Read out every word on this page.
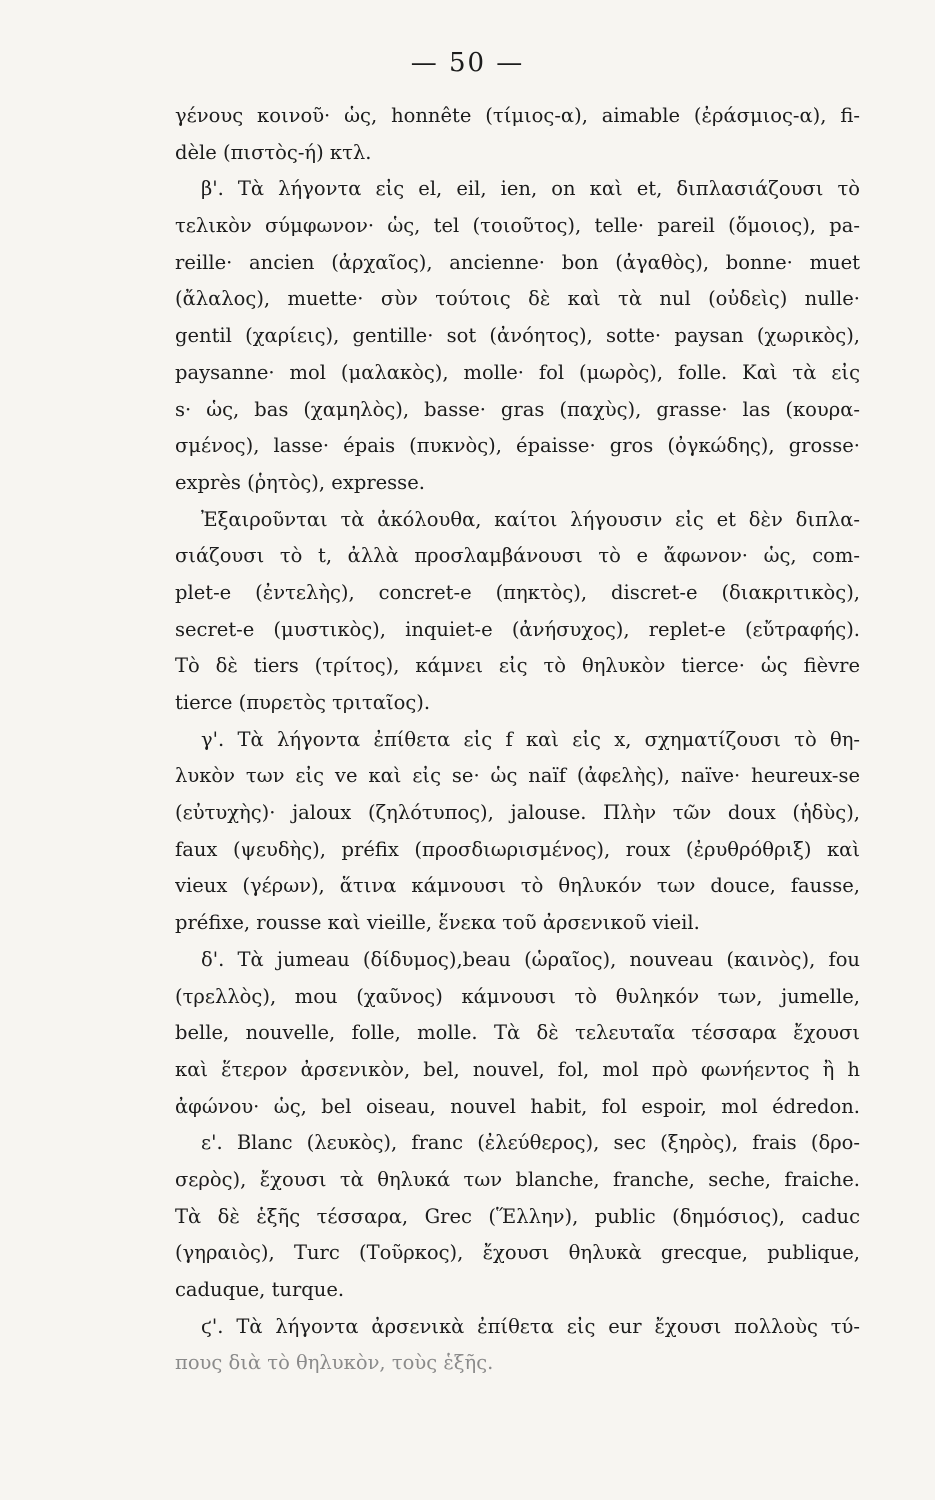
— 50 —
γένους κοινοῦ· ὡς, honnête (τίμιος-α), aimable (ἐράσμιος-α), fi-
dèle (πιστὸς-ή) κτλ.
β'. Τὰ λήγοντα εἰς el, eil, ien, on καὶ et, διπλασιάζουσι τὸ
τελικὸν σύμφωνον· ὡς, tel (τοιοῦτος), telle· pareil (ὅμοιος), pa-
reille· ancien (ἀρχαῖος), ancienne· bon (ἀγαθὸς), bonne· muet
(ἄλαλος), muette· σὺν τούτοις δὲ καὶ τὰ nul (οὐδεὶς) nulle·
gentil (χαρίεις), gentille· sot (ἀνόητος), sotte· paysan (χωρικὸς),
paysanne· mol (μαλακὸς), molle· fol (μωρὸς), folle. Καὶ τὰ εἰς
s· ὡς, bas (χαμηλὸς), basse· gras (παχὺς), grasse· las (κουρα-
σμένος), lasse· épais (πυκνὸς), épaisse· gros (ὀγκώδης), grosse·
exprès (ῥητὸς), expresse.
Ἐξαιροῦνται τὰ ἀκόλουθα, καίτοι λήγουσιν εἰς et δὲν διπλα-
σιάζουσι τὸ t, ἀλλὰ προσλαμβάνουσι τὸ e ἄφωνον· ὡς, com-
plet-e (ἐντελὴς), concret-e (πηκτὸς), discret-e (διακριτικὸς),
secret-e (μυστικὸς), inquiet-e (ἀνήσυχος), replet-e (εὔτραφής).
Τὸ δὲ tiers (τρίτος), κάμνει εἰς τὸ θηλυκὸν tierce· ὡς fièvre
tierce (πυρετὸς τριταῖος).
γ'. Τὰ λήγοντα ἐπίθετα εἰς f καὶ εἰς x, σχηματίζουσι τὸ θη-
λυκὸν των εἰς ve καὶ εἰς se· ὡς naïf (ἀφελὴς), naïve· heureux-se
(εὐτυχὴς)· jaloux (ζηλότυπος), jalouse. Πλὴν τῶν doux (ἡδὺς),
faux (ψευδὴς), préfix (προσδιωρισμένος), roux (ἐρυθρόθριξ) καὶ
vieux (γέρων), ἅτινα κάμνουσι τὸ θηλυκόν των douce, fausse,
préfixe, rousse καὶ vieille, ἕνεκα τοῦ ἀρσενικοῦ vieil.
δ'. Τὰ jumeau (δίδυμος),beau (ὡραῖος), nouveau (καινὸς), fou
(τρελλὸς), mou (χαῦνος) κάμνουσι τὸ θυληκόν των, jumelle,
belle, nouvelle, folle, molle. Τὰ δὲ τελευταῖα τέσσαρα ἔχουσι
καὶ ἕτερον ἀρσενικὸν, bel, nouvel, fol, mol πρὸ φωνήεντος ἢ h
ἀφώνου· ὡς, bel oiseau, nouvel habit, fol espoir, mol édredon.
ε'. Blanc (λευκὸς), franc (ἐλεύθερος), sec (ξηρὸς), frais (δρο-
σερὸς), ἔχουσι τὰ θηλυκά των blanche, franche, seche, fraiche.
Τὰ δὲ ἑξῆς τέσσαρα, Grec (Ἕλλην), public (δημόσιος), caduc
(γηραιὸς), Turc (Τοῦρκος), ἔχουσι θηλυκὰ grecque, publique,
caduque, turque.
ϛ'. Τὰ λήγοντα ἀρσενικὰ ἐπίθετα εἰς eur ἔχουσι πολλοὺς τύ-
πους διὰ τὸ θηλυκὸν, τοὺς ἑξῆς.
